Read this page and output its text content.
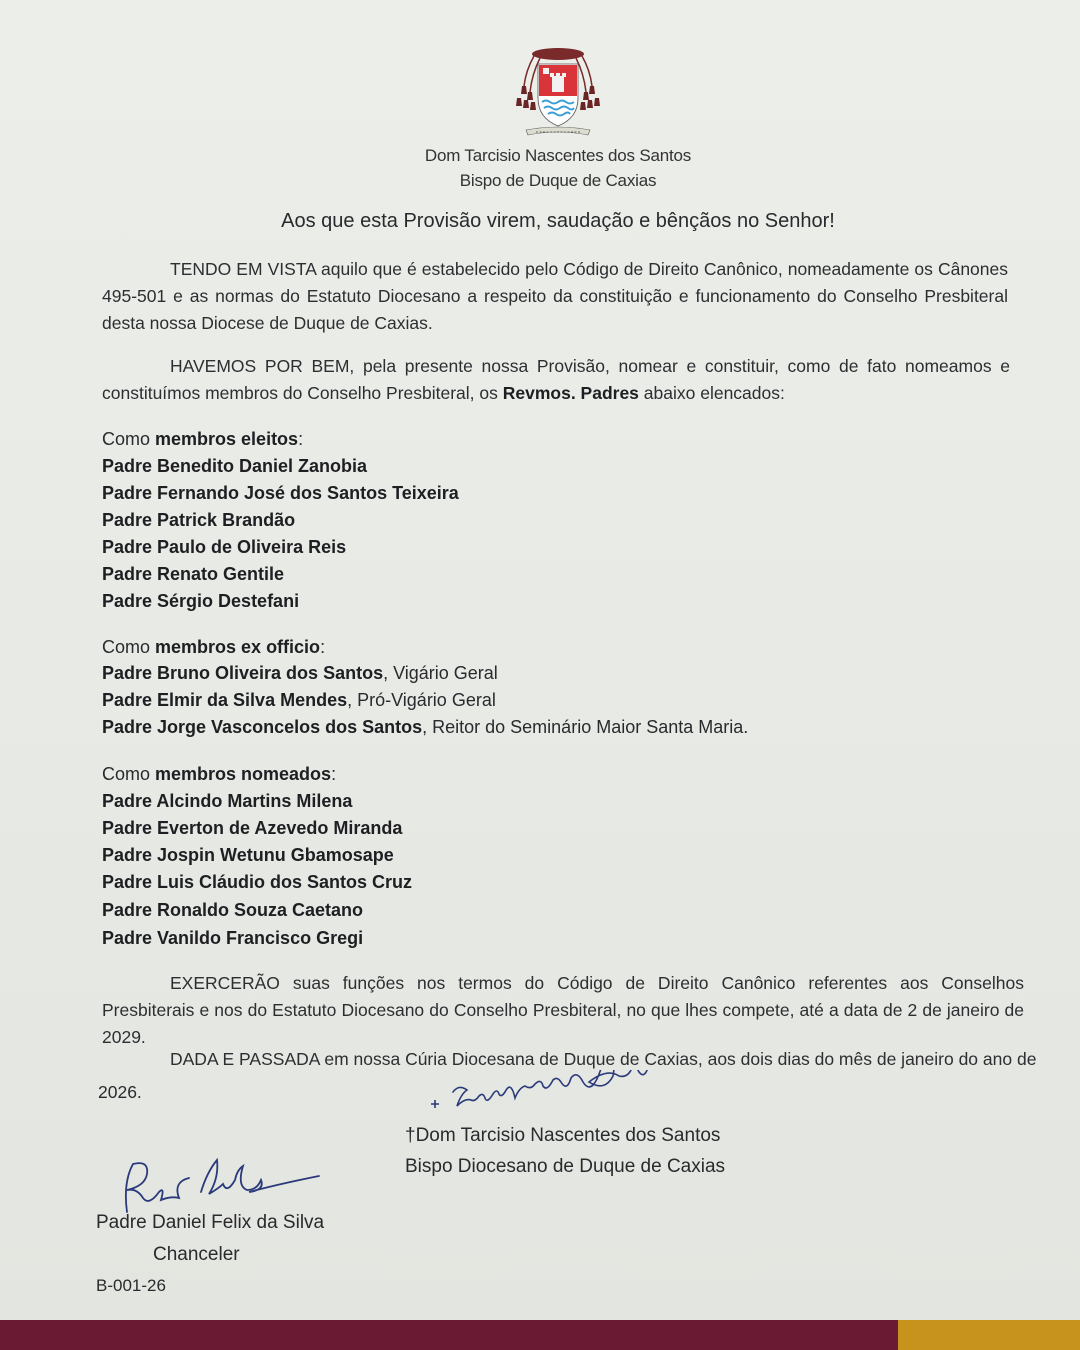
Dom Tarcisio Nascentes dos Santos
Bispo de Duque de Caxias
Aos que esta Provisão virem, saudação e bênçãos no Senhor!
TENDO EM VISTA aquilo que é estabelecido pelo Código de Direito Canônico, nomeadamente os Cânones 495-501 e as normas do Estatuto Diocesano a respeito da constituição e funcionamento do Conselho Presbiteral desta nossa Diocese de Duque de Caxias.
HAVEMOS POR BEM, pela presente nossa Provisão, nomear e constituir, como de fato nomeamos e constituímos membros do Conselho Presbiteral, os Revmos. Padres abaixo elencados:
Como membros eleitos:
Padre Benedito Daniel Zanobia
Padre Fernando José dos Santos Teixeira
Padre Patrick Brandão
Padre Paulo de Oliveira Reis
Padre Renato Gentile
Padre Sérgio Destefani
Como membros ex officio:
Padre Bruno Oliveira dos Santos, Vigário Geral
Padre Elmir da Silva Mendes, Pró-Vigário Geral
Padre Jorge Vasconcelos dos Santos, Reitor do Seminário Maior Santa Maria.
Como membros nomeados:
Padre Alcindo Martins Milena
Padre Everton de Azevedo Miranda
Padre Jospin Wetunu Gbamosape
Padre Luis Cláudio dos Santos Cruz
Padre Ronaldo Souza Caetano
Padre Vanildo Francisco Gregi
EXERCERÃO suas funções nos termos do Código de Direito Canônico referentes aos Conselhos Presbiterais e nos do Estatuto Diocesano do Conselho Presbiteral, no que lhes compete, até a data de 2 de janeiro de 2029.
DADA E PASSADA em nossa Cúria Diocesana de Duque de Caxias, aos dois dias do mês de janeiro do ano de
2026.
†Dom Tarcisio Nascentes dos Santos
Bispo Diocesano de Duque de Caxias
Padre Daniel Felix da Silva
Chanceler
B-001-26
